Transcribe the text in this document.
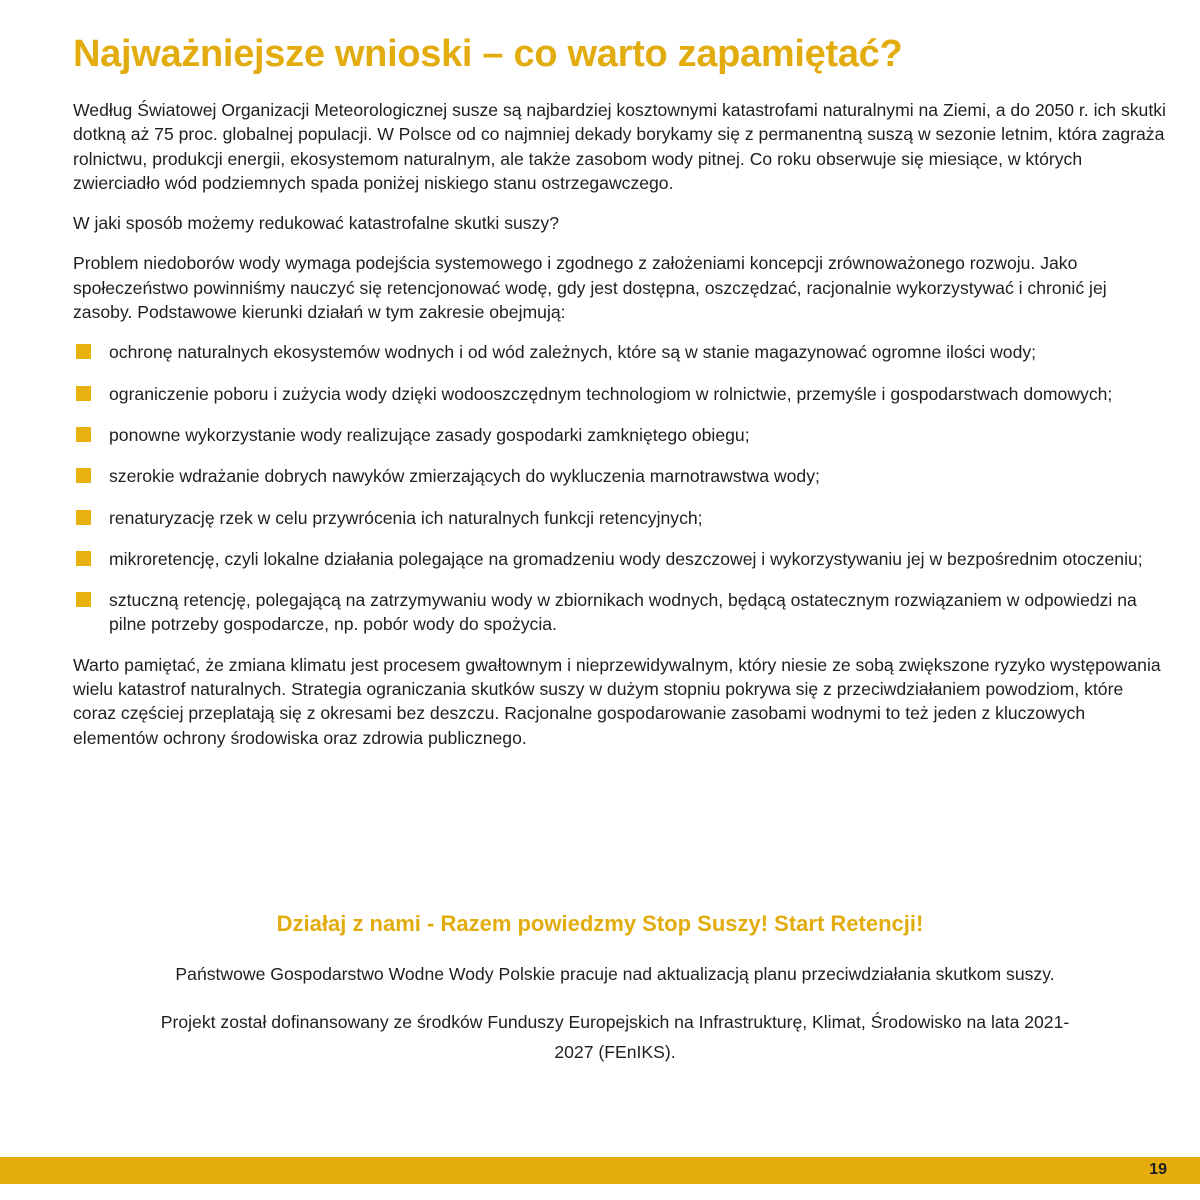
Najważniejsze wnioski – co warto zapamiętać?

Według Światowej Organizacji Meteorologicznej susze są najbardziej kosztownymi katastrofami naturalnymi na Ziemi, a do 2050 r. ich skutki dotkną aż 75 proc. globalnej populacji. W Polsce od co najmniej dekady borykamy się z permanentną suszą w sezonie letnim, która zagraża rolnictwu, produkcji energii, ekosystemom naturalnym, ale także zasobom wody pitnej. Co roku obserwuje się miesiące, w których zwierciadło wód podziemnych spada poniżej niskiego stanu ostrzegawczego.

W jaki sposób możemy redukować katastrofalne skutki suszy?

Problem niedoborów wody wymaga podejścia systemowego i zgodnego z założeniami koncepcji zrównoważonego rozwoju. Jako społeczeństwo powinniśmy nauczyć się retencjonować wodę, gdy jest dostępna, oszczędzać, racjonalnie wykorzystywać i chronić jej zasoby. Podstawowe kierunki działań w tym zakresie obejmują:

ochronę naturalnych ekosystemów wodnych i od wód zależnych, które są w stanie magazynować ogromne ilości wody;
ograniczenie poboru i zużycia wody dzięki wodooszczędnym technologiom w rolnictwie, przemyśle i gospodarstwach domowych;
ponowne wykorzystanie wody realizujące zasady gospodarki zamkniętego obiegu;
szerokie wdrażanie dobrych nawyków zmierzających do wykluczenia marnotrawstwa wody;
renaturyzację rzek w celu przywrócenia ich naturalnych funkcji retencyjnych;
mikroretencję, czyli lokalne działania polegające na gromadzeniu wody deszczowej i wykorzystywaniu jej w bezpośrednim otoczeniu;
sztuczną retencję, polegającą na zatrzymywaniu wody w zbiornikach wodnych, będącą ostatecznym rozwiązaniem w odpowiedzi na pilne potrzeby gospodarcze, np. pobór wody do spożycia.

Warto pamiętać, że zmiana klimatu jest procesem gwałtownym i nieprzewidywalnym, który niesie ze sobą zwiększone ryzyko występowania wielu katastrof naturalnych. Strategia ograniczania skutków suszy w dużym stopniu pokrywa się z przeciwdziałaniem powodziom, które coraz częściej przeplatają się z okresami bez deszczu. Racjonalne gospodarowanie zasobami wodnymi to też jeden z kluczowych elementów ochrony środowiska oraz zdrowia publicznego.

Działaj z nami - Razem powiedzmy Stop Suszy! Start Retencji!
Państwowe Gospodarstwo Wodne Wody Polskie pracuje nad aktualizacją planu przeciwdziałania skutkom suszy.
Projekt został dofinansowany ze środków Funduszy Europejskich na Infrastrukturę, Klimat, Środowisko na lata 2021-2027 (FEnIKS).
19
